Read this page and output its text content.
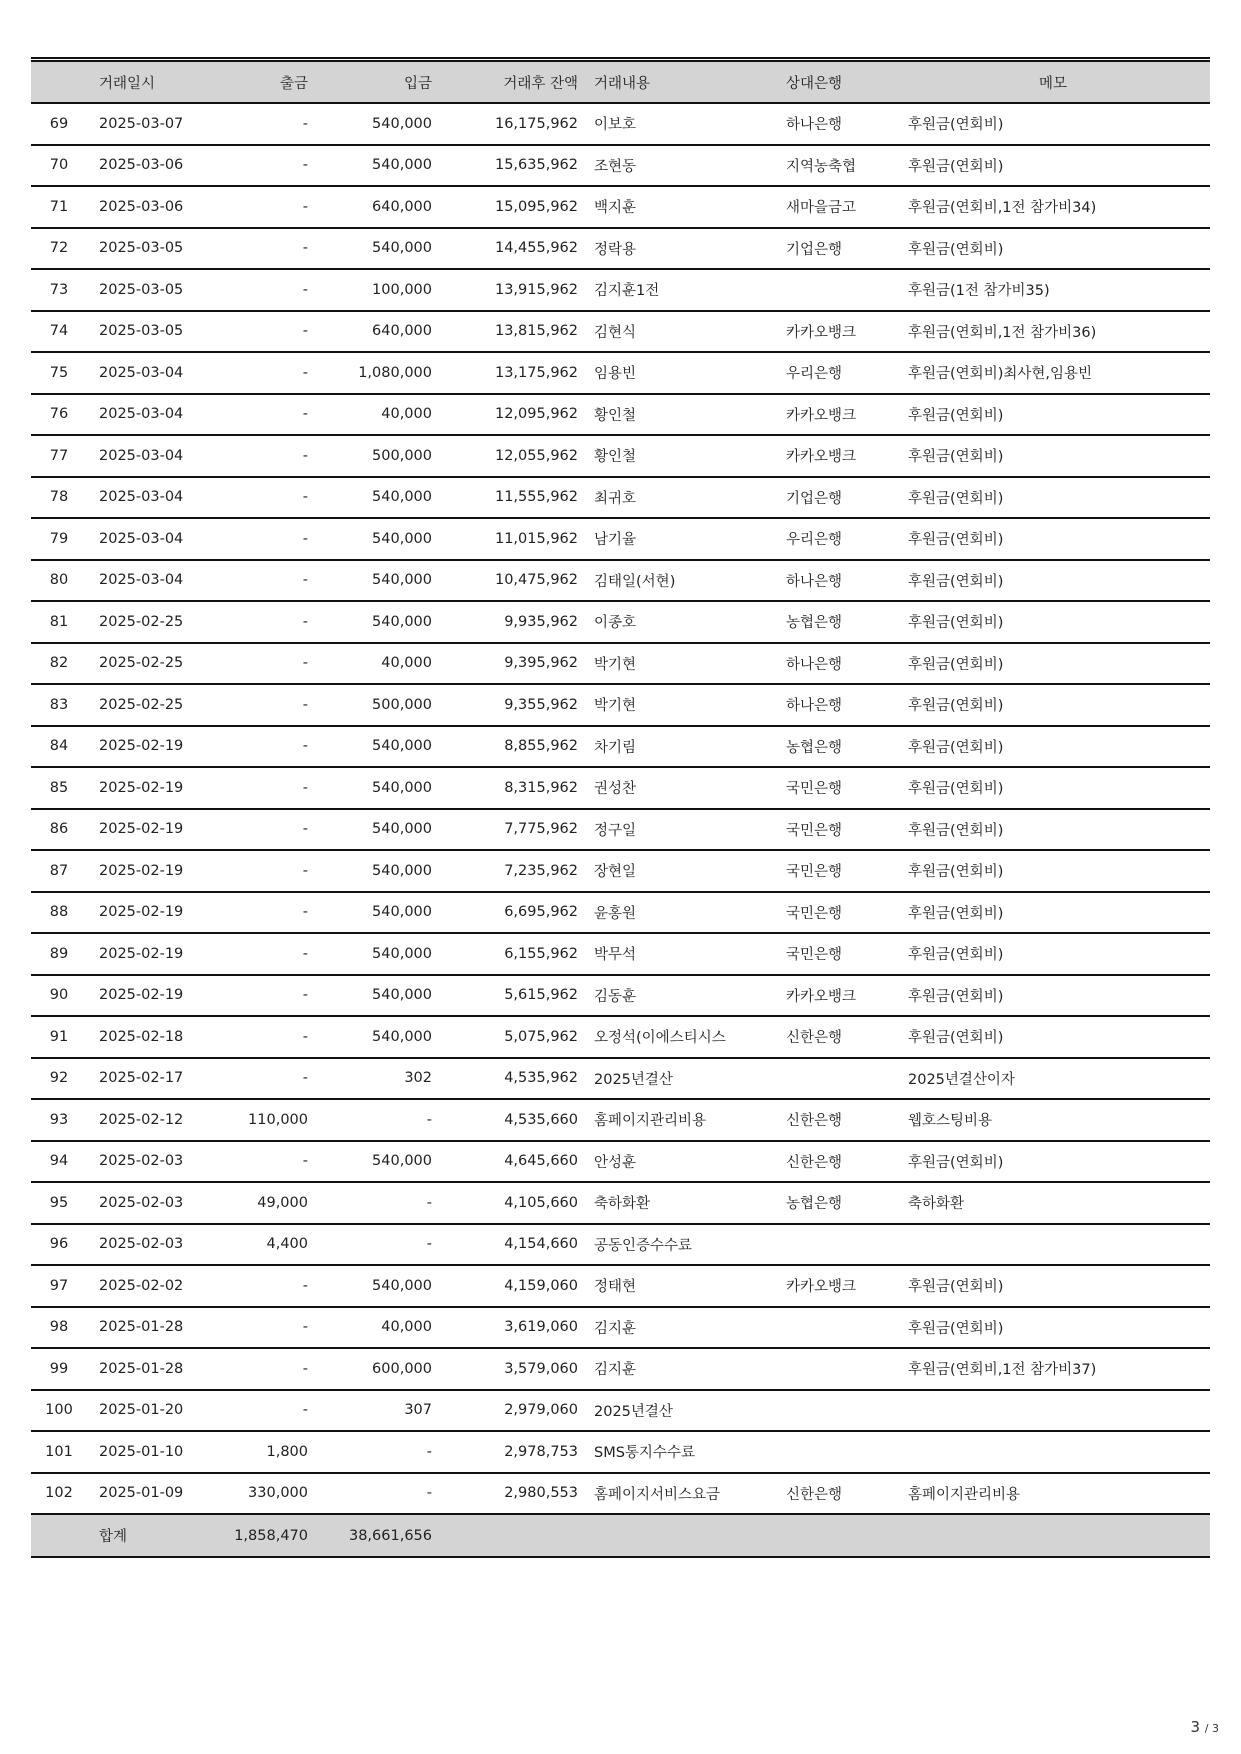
	거래일시	출금	입금	거래후 잔액	거래내용	상대은행	메모
69	2025-03-07	-	540,000	16,175,962	이보호	하나은행	후원금(연회비)
70	2025-03-06	-	540,000	15,635,962	조현동	지역농축협	후원금(연회비)
71	2025-03-06	-	640,000	15,095,962	백지훈	새마을금고	후원금(연회비,1전 참가비34)
72	2025-03-05	-	540,000	14,455,962	정락용	기업은행	후원금(연회비)
73	2025-03-05	-	100,000	13,915,962	김지훈1전		후원금(1전 참가비35)
74	2025-03-05	-	640,000	13,815,962	김현식	카카오뱅크	후원금(연회비,1전 참가비36)
75	2025-03-04	-	1,080,000	13,175,962	임용빈	우리은행	후원금(연회비)최사현,임용빈
76	2025-03-04	-	40,000	12,095,962	황인철	카카오뱅크	후원금(연회비)
77	2025-03-04	-	500,000	12,055,962	황인철	카카오뱅크	후원금(연회비)
78	2025-03-04	-	540,000	11,555,962	최귀호	기업은행	후원금(연회비)
79	2025-03-04	-	540,000	11,015,962	남기율	우리은행	후원금(연회비)
80	2025-03-04	-	540,000	10,475,962	김태일(서현)	하나은행	후원금(연회비)
81	2025-02-25	-	540,000	9,935,962	이종호	농협은행	후원금(연회비)
82	2025-02-25	-	40,000	9,395,962	박기현	하나은행	후원금(연회비)
83	2025-02-25	-	500,000	9,355,962	박기현	하나은행	후원금(연회비)
84	2025-02-19	-	540,000	8,855,962	차기림	농협은행	후원금(연회비)
85	2025-02-19	-	540,000	8,315,962	권성찬	국민은행	후원금(연회비)
86	2025-02-19	-	540,000	7,775,962	정구일	국민은행	후원금(연회비)
87	2025-02-19	-	540,000	7,235,962	장현일	국민은행	후원금(연회비)
88	2025-02-19	-	540,000	6,695,962	윤홍원	국민은행	후원금(연회비)
89	2025-02-19	-	540,000	6,155,962	박무석	국민은행	후원금(연회비)
90	2025-02-19	-	540,000	5,615,962	김동훈	카카오뱅크	후원금(연회비)
91	2025-02-18	-	540,000	5,075,962	오정석(이에스티시스	신한은행	후원금(연회비)
92	2025-02-17	-	302	4,535,962	2025년결산		2025년결산이자
93	2025-02-12	110,000	-	4,535,660	홈페이지관리비용	신한은행	웹호스팅비용
94	2025-02-03	-	540,000	4,645,660	안성훈	신한은행	후원금(연회비)
95	2025-02-03	49,000	-	4,105,660	축하화환	농협은행	축하화환
96	2025-02-03	4,400	-	4,154,660	공동인증수수료		
97	2025-02-02	-	540,000	4,159,060	정태현	카카오뱅크	후원금(연회비)
98	2025-01-28	-	40,000	3,619,060	김지훈		후원금(연회비)
99	2025-01-28	-	600,000	3,579,060	김지훈		후원금(연회비,1전 참가비37)
100	2025-01-20	-	307	2,979,060	2025년결산		
101	2025-01-10	1,800	-	2,978,753	SMS통지수수료		
102	2025-01-09	330,000	-	2,980,553	홈페이지서비스요금	신한은행	홈페이지관리비용
	합계	1,858,470	38,661,656				
3 / 3
